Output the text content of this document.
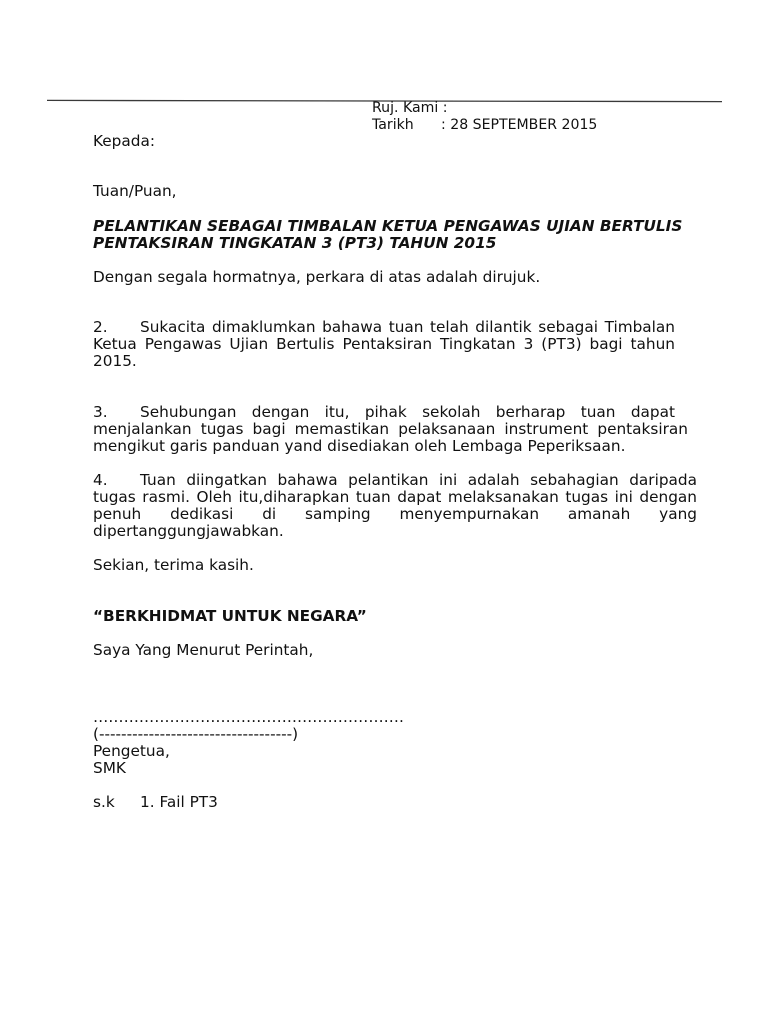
Ruj. Kami :
Tarikh : 28 SEPTEMBER 2015
Kepada:
Tuan/Puan,
PELANTIKAN SEBAGAI TIMBALAN KETUA PENGAWAS UJIAN BERTULIS
PENTAKSIRAN TINGKATAN 3 (PT3) TAHUN 2015
Dengan segala hormatnya, perkara di atas adalah dirujuk.
2. Sukacita dimaklumkan bahawa tuan telah dilantik sebagai Timbalan
Ketua Pengawas Ujian Bertulis Pentaksiran Tingkatan 3 (PT3) bagi tahun
2015.
3. Sehubungan dengan itu, pihak sekolah berharap tuan dapat
menjalankan tugas bagi memastikan pelaksanaan instrument pentaksiran
mengikut garis panduan yand disediakan oleh Lembaga Peperiksaan.
4. Tuan diingatkan bahawa pelantikan ini adalah sebahagian daripada
tugas rasmi. Oleh itu,diharapkan tuan dapat melaksanakan tugas ini dengan
penuh dedikasi di samping menyempurnakan amanah yang
dipertanggungjawabkan.
Sekian, terima kasih.
“BERKHIDMAT UNTUK NEGARA”
Saya Yang Menurut Perintah,
…………………………………………………….
(-----------------------------------)
Pengetua,
SMK
s.k 1. Fail PT3
